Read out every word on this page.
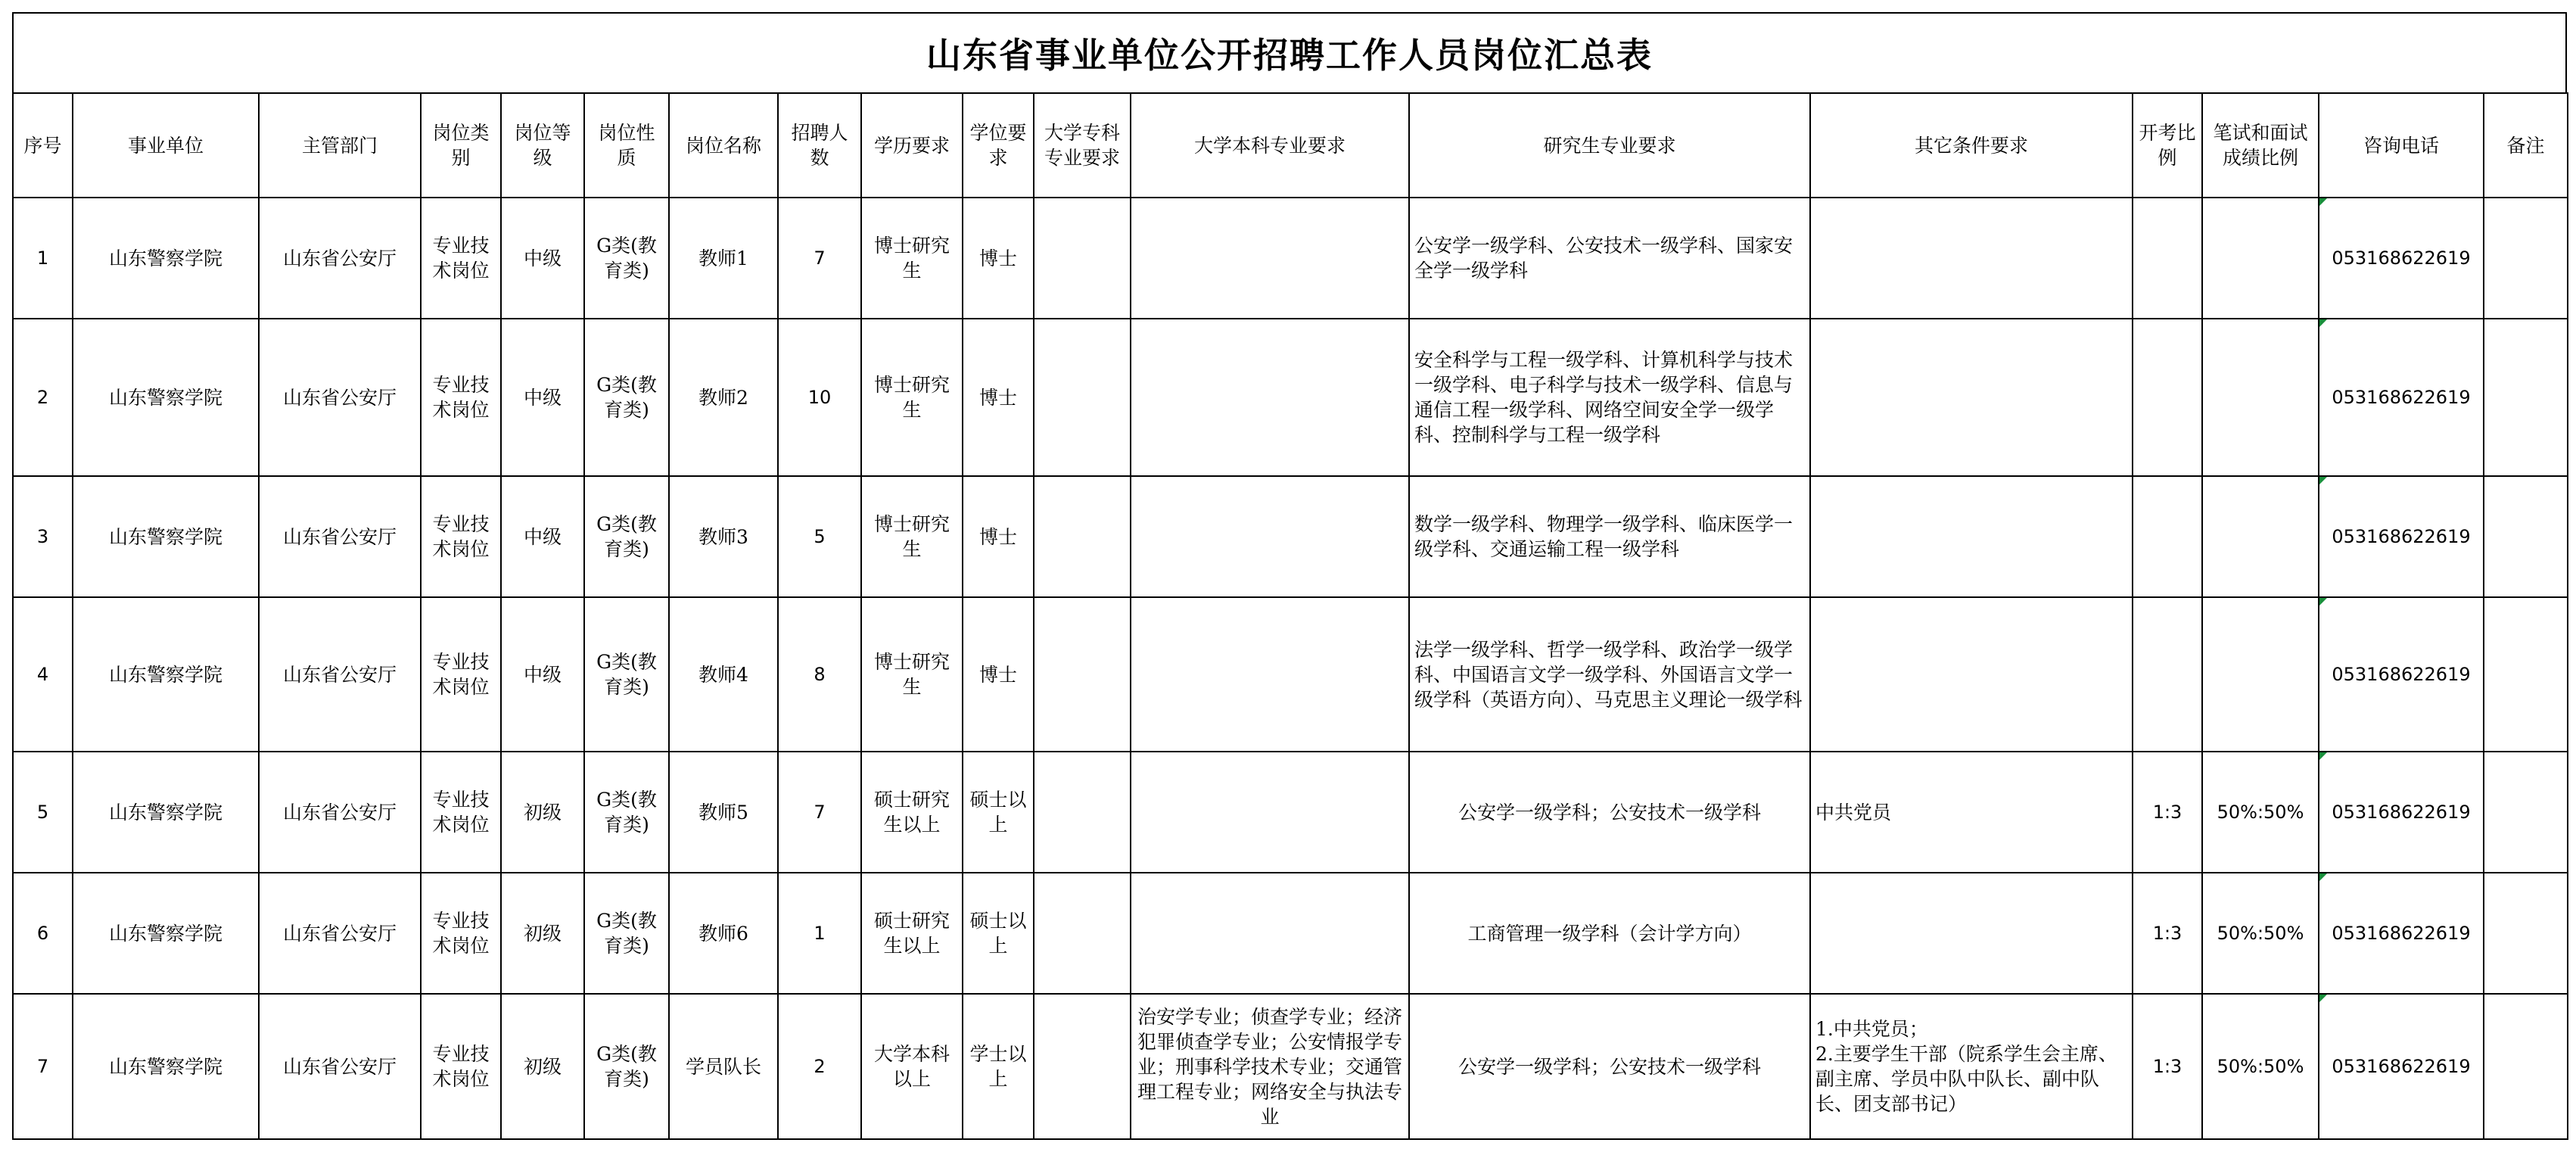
山东省事业单位公开招聘工作人员岗位汇总表
序号	事业单位	主管部门	岗位类别	岗位等级	岗位性质	岗位名称	招聘人数	学历要求	学位要求	大学专科专业要求	大学本科专业要求	研究生专业要求	其它条件要求	开考比例	笔试和面试成绩比例	咨询电话	备注
1	山东警察学院	山东省公安厅	专业技术岗位	中级	G类(教育类)	教师1	7	博士研究生	博士			公安学一级学科、公安技术一级学科、国家安全学一级学科				053168622619	
2	山东警察学院	山东省公安厅	专业技术岗位	中级	G类(教育类)	教师2	10	博士研究生	博士			安全科学与工程一级学科、计算机科学与技术一级学科、电子科学与技术一级学科、信息与通信工程一级学科、网络空间安全学一级学科、控制科学与工程一级学科				053168622619	
3	山东警察学院	山东省公安厅	专业技术岗位	中级	G类(教育类)	教师3	5	博士研究生	博士			数学一级学科、物理学一级学科、临床医学一级学科、交通运输工程一级学科				053168622619	
4	山东警察学院	山东省公安厅	专业技术岗位	中级	G类(教育类)	教师4	8	博士研究生	博士			法学一级学科、哲学一级学科、政治学一级学科、中国语言文学一级学科、外国语言文学一级学科（英语方向）、马克思主义理论一级学科				053168622619	
5	山东警察学院	山东省公安厅	专业技术岗位	初级	G类(教育类)	教师5	7	硕士研究生以上	硕士以上			公安学一级学科；公安技术一级学科	中共党员	1:3	50%:50%	053168622619	
6	山东警察学院	山东省公安厅	专业技术岗位	初级	G类(教育类)	教师6	1	硕士研究生以上	硕士以上			工商管理一级学科（会计学方向）		1:3	50%:50%	053168622619	
7	山东警察学院	山东省公安厅	专业技术岗位	初级	G类(教育类)	学员队长	2	大学本科以上	学士以上		治安学专业；侦查学专业；经济犯罪侦查学专业；公安情报学专业；刑事科学技术专业；交通管理工程专业；网络安全与执法专业	公安学一级学科；公安技术一级学科	1.中共党员；
2.主要学生干部（院系学生会主席、副主席、学员中队中队长、副中队长、团支部书记）	1:3	50%:50%	053168622619	
